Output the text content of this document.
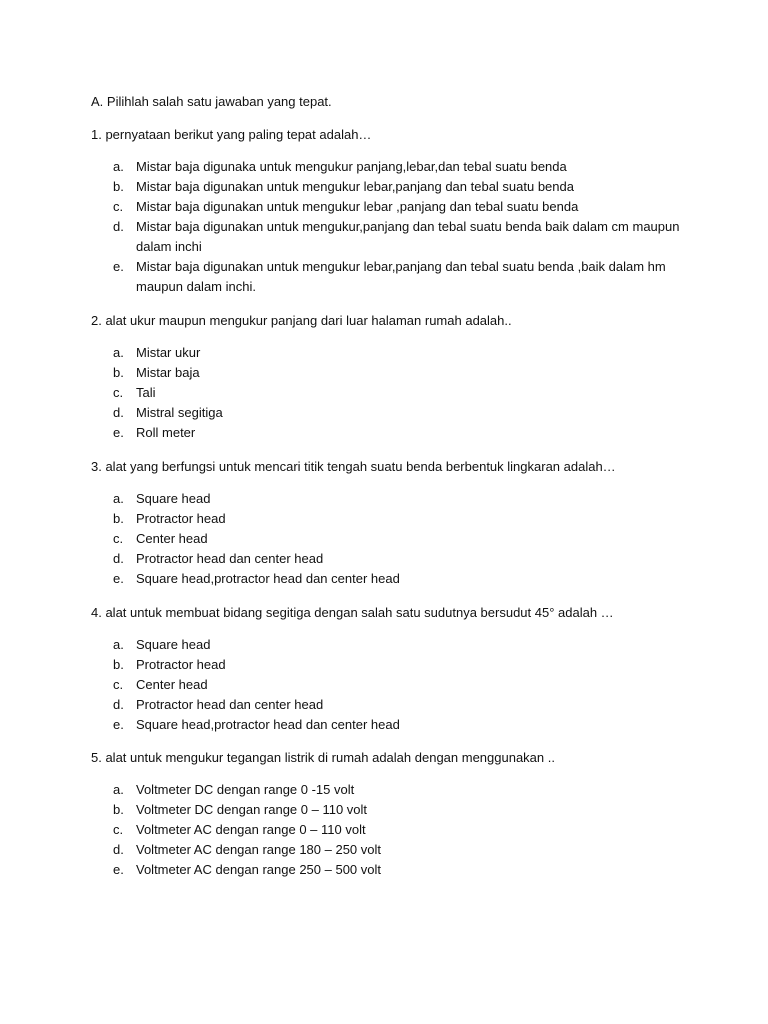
A. Pilihlah salah satu jawaban yang tepat.

1. pernyataan berikut yang paling tepat adalah…

a. Mistar baja digunaka untuk mengukur panjang,lebar,dan tebal suatu benda
b. Mistar baja digunakan untuk mengukur lebar,panjang dan tebal suatu benda
c. Mistar baja digunakan untuk mengukur lebar ,panjang dan tebal suatu benda
d. Mistar baja digunakan untuk mengukur,panjang dan tebal suatu benda baik dalam cm maupun dalam inchi
e. Mistar baja digunakan untuk mengukur lebar,panjang dan tebal suatu benda ,baik dalam hm maupun dalam inchi.

2. alat ukur maupun mengukur panjang dari luar halaman rumah adalah..

a. Mistar ukur
b. Mistar baja
c. Tali
d. Mistral segitiga
e. Roll meter

3. alat yang berfungsi untuk mencari titik tengah suatu benda berbentuk lingkaran adalah…

a. Square head
b. Protractor head
c. Center head
d. Protractor head dan center head
e. Square head,protractor head dan center head

4. alat untuk membuat bidang segitiga dengan salah satu sudutnya bersudut 45° adalah …

a. Square head
b. Protractor head
c. Center head
d. Protractor head dan center head
e. Square head,protractor head dan center head

5. alat untuk mengukur tegangan listrik di rumah adalah dengan menggunakan ..

a. Voltmeter DC dengan range 0 -15 volt
b. Voltmeter DC dengan range 0 – 110 volt
c. Voltmeter AC dengan range 0 – 110 volt
d. Voltmeter AC dengan range 180 – 250 volt
e. Voltmeter AC dengan range 250 – 500 volt
